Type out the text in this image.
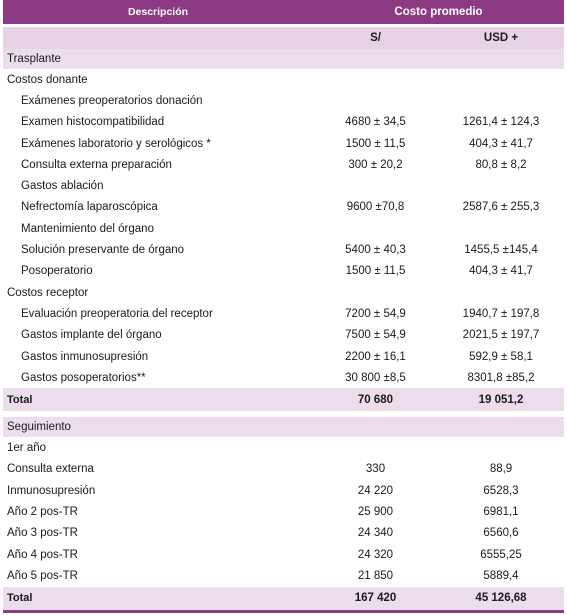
Descripción	Costo promedio	

	S/	USD +
Trasplante		
Costos donante		
Exámenes preoperatorios donación		
Examen histocompatibilidad	4680 ± 34,5	1261,4 ± 124,3
Exámenes laboratorio y serológicos *	1500 ± 11,5	404,3 ± 41,7
Consulta externa preparación	300 ± 20,2	80,8 ± 8,2
Gastos ablación		
Nefrectomía laparoscópica	9600 ±70,8	2587,6 ± 255,3
Mantenimiento del órgano		
Solución preservante de órgano	5400 ± 40,3	1455,5 ±145,4
Posoperatorio	1500 ± 11,5	404,3 ± 41,7
Costos receptor		
Evaluación preoperatoria del receptor	7200 ± 54,9	1940,7 ± 197,8
Gastos implante del órgano	7500 ± 54,9	2021,5 ± 197,7
Gastos inmunosupresión	2200 ± 16,1	592,9 ± 58,1
Gastos posoperatorios**	30 800 ±8,5	8301,8 ±85,2
Total	70 680	19 051,2

Seguimiento		
1er año		
Consulta externa	330	88,9
Inmunosupresión	24 220	6528,3
Año 2 pos-TR	25 900	6981,1
Año 3 pos-TR	24 340	6560,6
Año 4 pos-TR	24 320	6555,25
Año 5 pos-TR	21 850	5889,4
Total	167 420	45 126,68
